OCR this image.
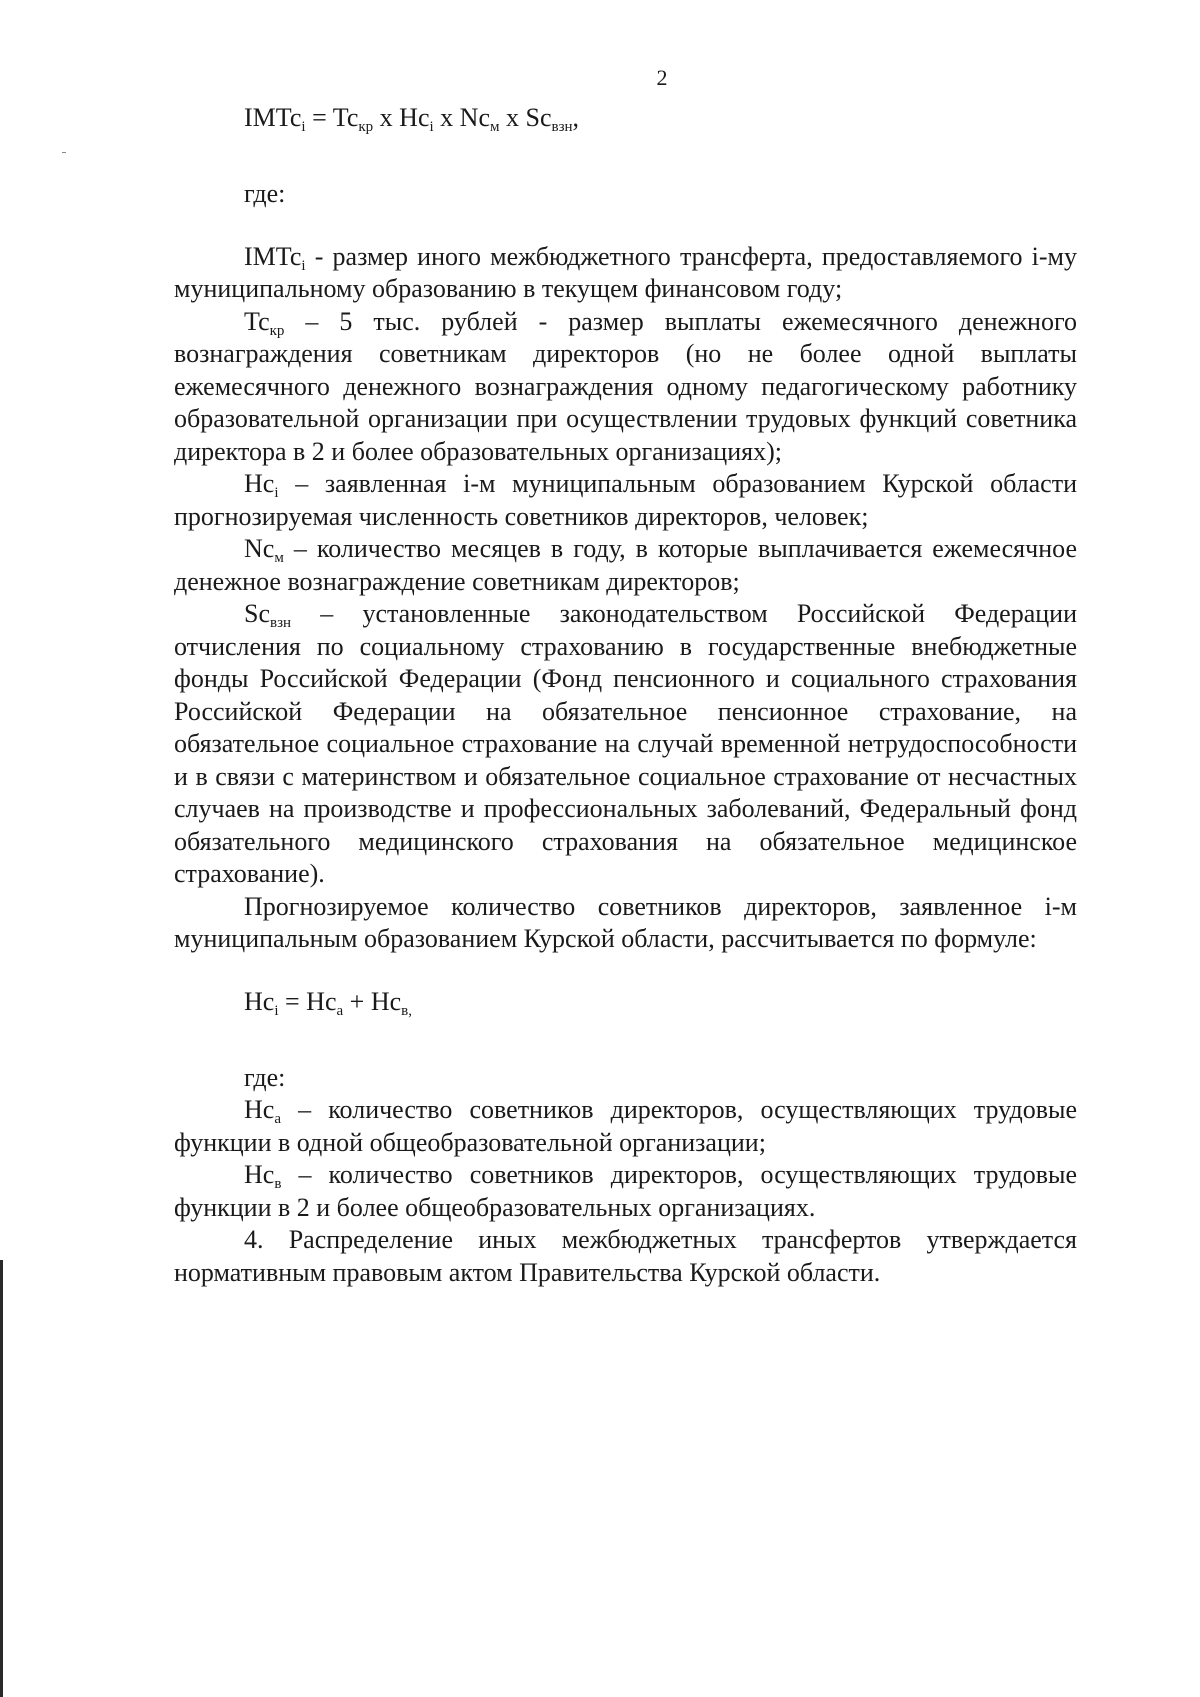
2
IMTc$_i$ = $Tc_{кр}$ x $Hc_i$ x $Nc_м$ x $Sc_{взн}$,
где:

IMTc$_i$ - размер иного межбюджетного трансферта, предоставляемого i-му муниципальному образованию в текущем финансовом году;

$Tc_{кр} - 5$ тыс. рублей - размер выплаты ежемесячного денежного вознаграждения советникам директоров (но не более одной выплаты ежемесячного денежного вознаграждения одному педагогическому работнику образовательной организации при осуществлении трудовых функций советника директора в 2 и более образовательных организациях);

$Hc_i$ – заявленная i-м муниципальным образованием Курской области прогнозируемая численность советников директоров, человек;

$Nc_м$ – количество месяцев в году, в которые выплачивается ежемесячное денежное вознаграждение советникам директоров;

$Sc_{взн}$ – установленные законодательством Российской Федерации отчисления по социальному страхованию в государственные внебюджетные фонды Российской Федерации (Фонд пенсионного и социального страхования Российской Федерации на обязательное пенсионное страхование, на обязательное социальное страхование на случай временной нетрудоспособности и в связи с материнством и обязательное социальное страхование от несчастных случаев на производстве и профессиональных заболеваний, Федеральный фонд обязательного медицинского страхования на обязательное медицинское страхование).

Прогнозируемое количество советников директоров, заявленное i-м муниципальным образованием Курской области, рассчитывается по формуле:

$Hc_i = Hc_а + Hc_{в,}$
где:

$Hc_а$ – количество советников директоров, осуществляющих трудовые функции в одной общеобразовательной организации;

$Hc_в$ – количество советников директоров, осуществляющих трудовые функции в 2 и более общеобразовательных организациях.

4. Распределение иных межбюджетных трансфертов утверждается нормативным правовым актом Правительства Курской области.
